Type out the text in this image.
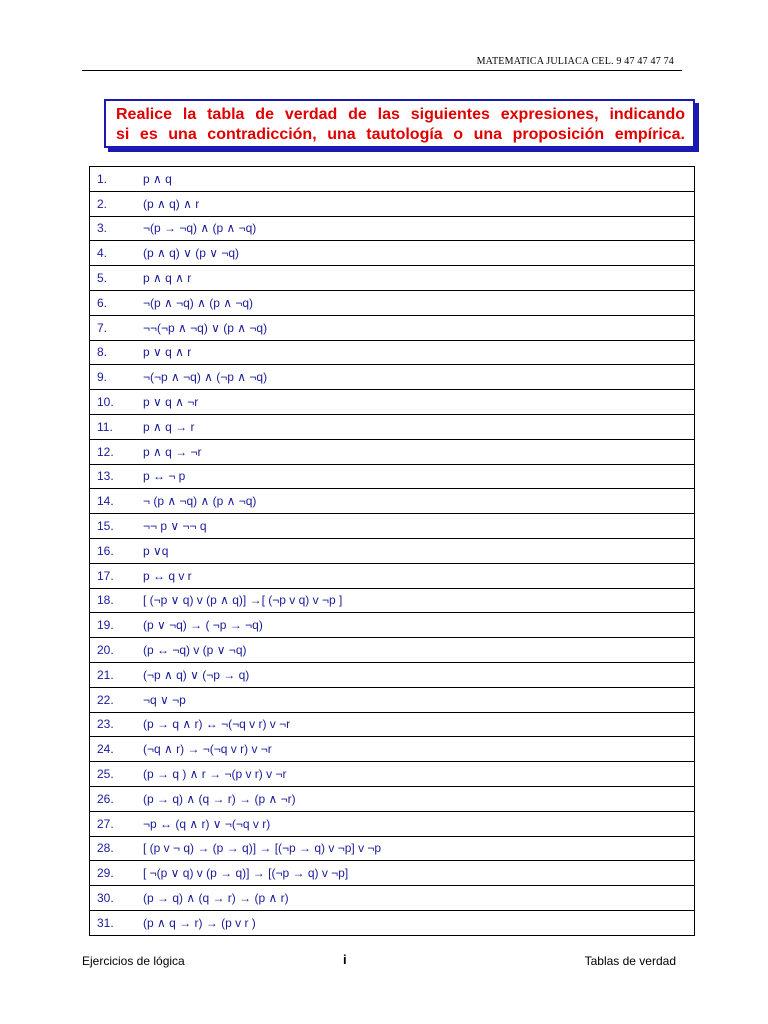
MATEMATICA JULIACA CEL. 9 47 47 47 74
Realice la tabla de verdad de las siguientes expresiones, indicando
si es una contradicción, una tautología o una proposición empírica.
1.	p ∧ q
2.	(p ∧ q) ∧ r
3.	¬(p → ¬q) ∧ (p ∧ ¬q)
4.	(p ∧ q) ∨ (p ∨ ¬q)
5.	p ∧ q ∧ r
6.	¬(p ∧ ¬q) ∧ (p ∧ ¬q)
7.	¬¬(¬p ∧ ¬q) ∨ (p ∧ ¬q)
8.	p ∨ q ∧ r
9.	¬(¬p ∧ ¬q) ∧ (¬p ∧ ¬q)
10.	p ∨ q ∧ ¬r
11.	p ∧ q → r
12.	p ∧ q → ¬r
13.	p ↔ ¬ p
14.	¬ (p ∧ ¬q) ∧ (p ∧ ¬q)
15.	¬¬ p ∨ ¬¬ q
16.	p ∨q
17.	p ↔ q v r
18.	[ (¬p ∨ q) v (p ∧ q)] →[ (¬p v q) v ¬p ]
19.	(p ∨ ¬q) → ( ¬p → ¬q)
20.	(p ↔ ¬q) v (p ∨ ¬q)
21.	(¬p ∧ q) ∨ (¬p → q)
22.	¬q ∨ ¬p
23.	(p → q ∧ r) ↔ ¬(¬q v r) v ¬r
24.	(¬q ∧ r) → ¬(¬q v r) v ¬r
25.	(p → q ) ∧ r → ¬(p v r) v ¬r
26.	(p → q) ∧ (q → r) → (p ∧ ¬r)
27.	¬p ↔ (q ∧ r) ∨ ¬(¬q v r)
28.	[ (p v ¬ q) → (p → q)] → [(¬p → q) v ¬p] v ¬p
29.	[ ¬(p ∨ q) v (p → q)] → [(¬p → q) v ¬p]
30.	(p → q) ∧ (q → r) → (p ∧ r)
31.	(p ∧ q → r) → (p v r )
Ejercicios de lógica	i	Tablas de verdad
